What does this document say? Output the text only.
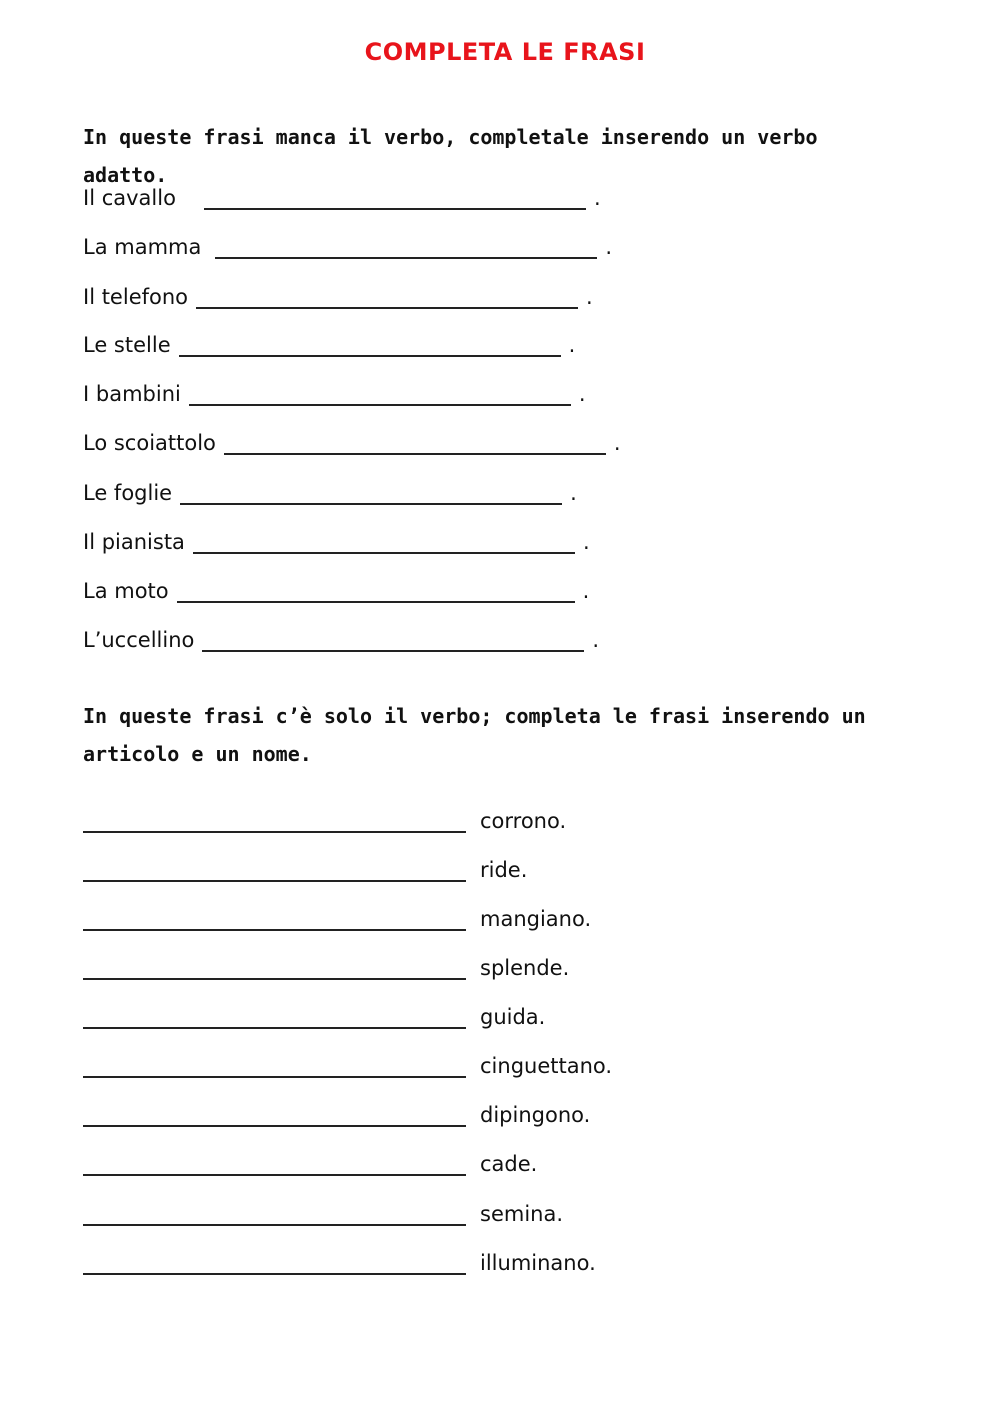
COMPLETA LE FRASI
In queste frasi manca il verbo, completale inserendo un verbo adatto.
Il cavallo	.
La mamma	.
Il telefono	.
Le stelle	.
I bambini	.
Lo scoiattolo	.
Le foglie	.
Il pianista	.
La moto	.
L’uccellino	.
In queste frasi c’è solo il verbo; completa le frasi inserendo un articolo e un nome.
corrono.
ride.
mangiano.
splende.
guida.
cinguettano.
dipingono.
cade.
semina.
illuminano.
